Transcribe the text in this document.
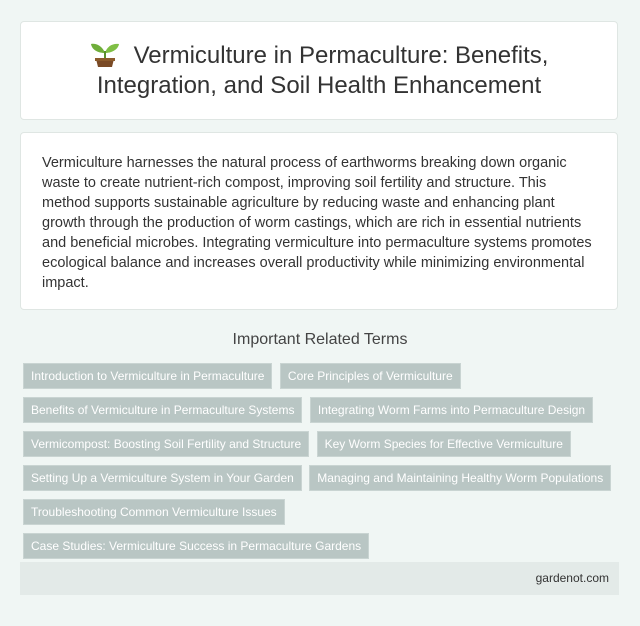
Vermiculture in Permaculture: Benefits, Integration, and Soil Health Enhancement

Vermiculture harnesses the natural process of earthworms breaking down organic waste to create nutrient-rich compost, improving soil fertility and structure. This method supports sustainable agriculture by reducing waste and enhancing plant growth through the production of worm castings, which are rich in essential nutrients and beneficial microbes. Integrating vermiculture into permaculture systems promotes ecological balance and increases overall productivity while minimizing environmental impact.

Important Related Terms
Introduction to Vermiculture in Permaculture Core Principles of Vermiculture Benefits of Vermiculture in Permaculture Systems Integrating Worm Farms into Permaculture Design Vermicompost: Boosting Soil Fertility and Structure Key Worm Species for Effective Vermiculture Setting Up a Vermiculture System in Your Garden Managing and Maintaining Healthy Worm Populations Troubleshooting Common Vermiculture Issues
Case Studies: Vermiculture Success in Permaculture Gardens
gardenot.com
